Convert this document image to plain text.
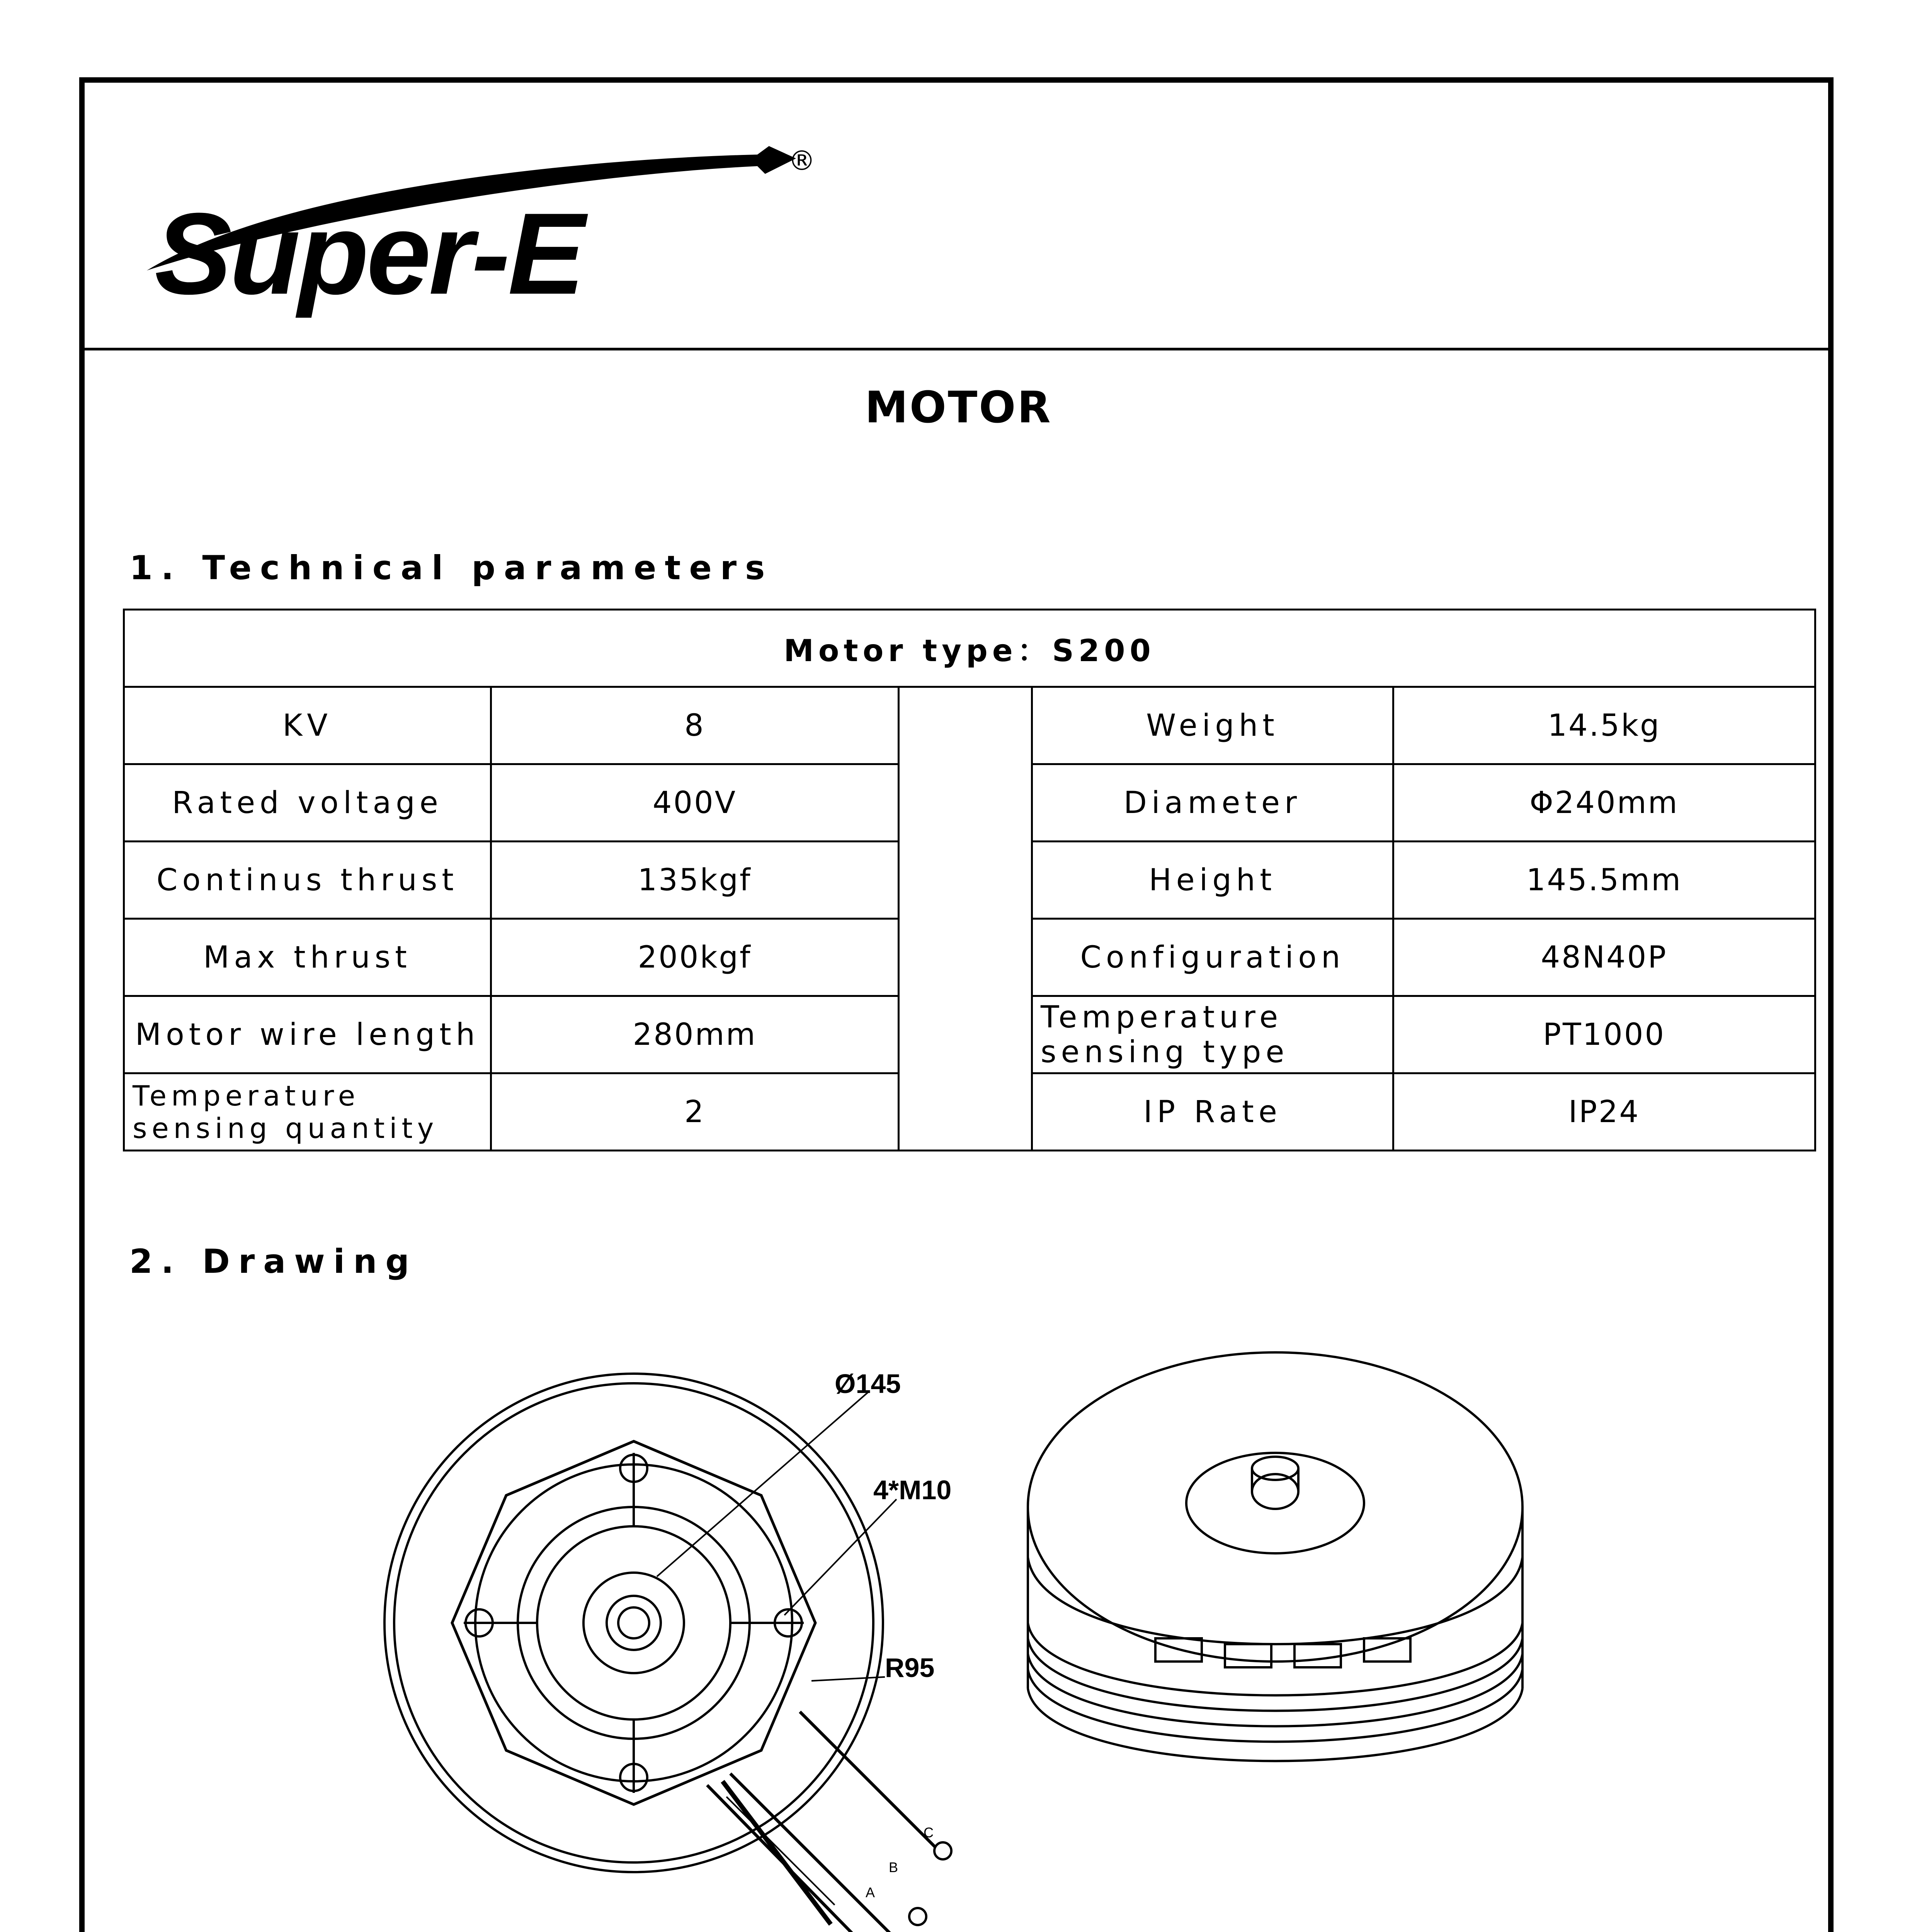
Super-E
®
MOTOR
1. Technical parameters
Motor type：S200				
KV	8		Weight	14.5kg
Rated voltage	400V		Diameter	Φ240mm
Continus thrust	135kgf		Height	145.5mm
Max thrust	200kgf		Configuration	48N40P
Motor wire length	280mm		Temperature sensing type	PT1000
Temperature sensing quantity	2		IP Rate	IP24
2. Drawing
Ø145
4*M10
R95
A
B
C
